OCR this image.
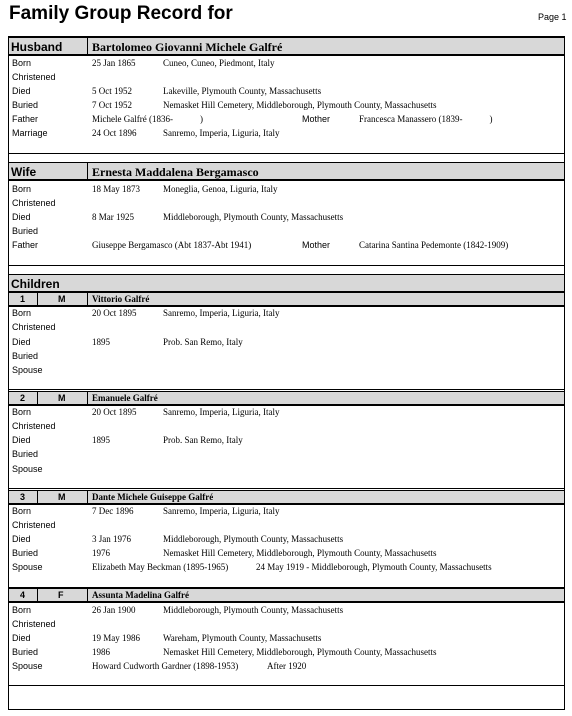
Family Group Record for	Page 1
Husband Bartolomeo Giovanni Michele Galfré
Born	25 Jan 1865	Cuneo, Cuneo, Piedmont, Italy
Christened
Died	5 Oct 1952	Lakeville, Plymouth County, Massachusetts
Buried	7 Oct 1952	Nemasket Hill Cemetery, Middleborough, Plymouth County, Massachusetts
Father	Michele Galfré (1836-            )	Mother	Francesca Manassero (1839-            )
Marriage	24 Oct 1896	Sanremo, Imperia, Liguria, Italy
Wife	Ernesta Maddalena Bergamasco
Born	18 May 1873	Moneglia, Genoa, Liguria, Italy
Christened
Died	8 Mar 1925	Middleborough, Plymouth County, Massachusetts
Buried
Father	Giuseppe Bergamasco (Abt 1837-Abt 1941)	Mother	Catarina Santina Pedemonte (1842-1909)
Children
1	M	Vittorio Galfré
Born	20 Oct 1895	Sanremo, Imperia, Liguria, Italy
Christened
Died	1895	Prob. San Remo, Italy
Buried
Spouse
2	M	Emanuele Galfré
Born	20 Oct 1895	Sanremo, Imperia, Liguria, Italy
Christened
Died	1895	Prob. San Remo, Italy
Buried
Spouse
3	M	Dante Michele Guiseppe Galfré
Born	7 Dec 1896	Sanremo, Imperia, Liguria, Italy
Christened
Died	3 Jan 1976	Middleborough, Plymouth County, Massachusetts
Buried	1976	Nemasket Hill Cemetery, Middleborough, Plymouth County, Massachusetts
Spouse	Elizabeth May Beckman (1895-1965)	24 May 1919 - Middleborough, Plymouth County, Massachusetts
4	F	Assunta Madelina Galfré
Born	26 Jan 1900	Middleborough, Plymouth County, Massachusetts
Christened
Died	19 May 1986	Wareham, Plymouth County, Massachusetts
Buried	1986	Nemasket Hill Cemetery, Middleborough, Plymouth County, Massachusetts
Spouse	Howard Cudworth Gardner (1898-1953)	After 1920
